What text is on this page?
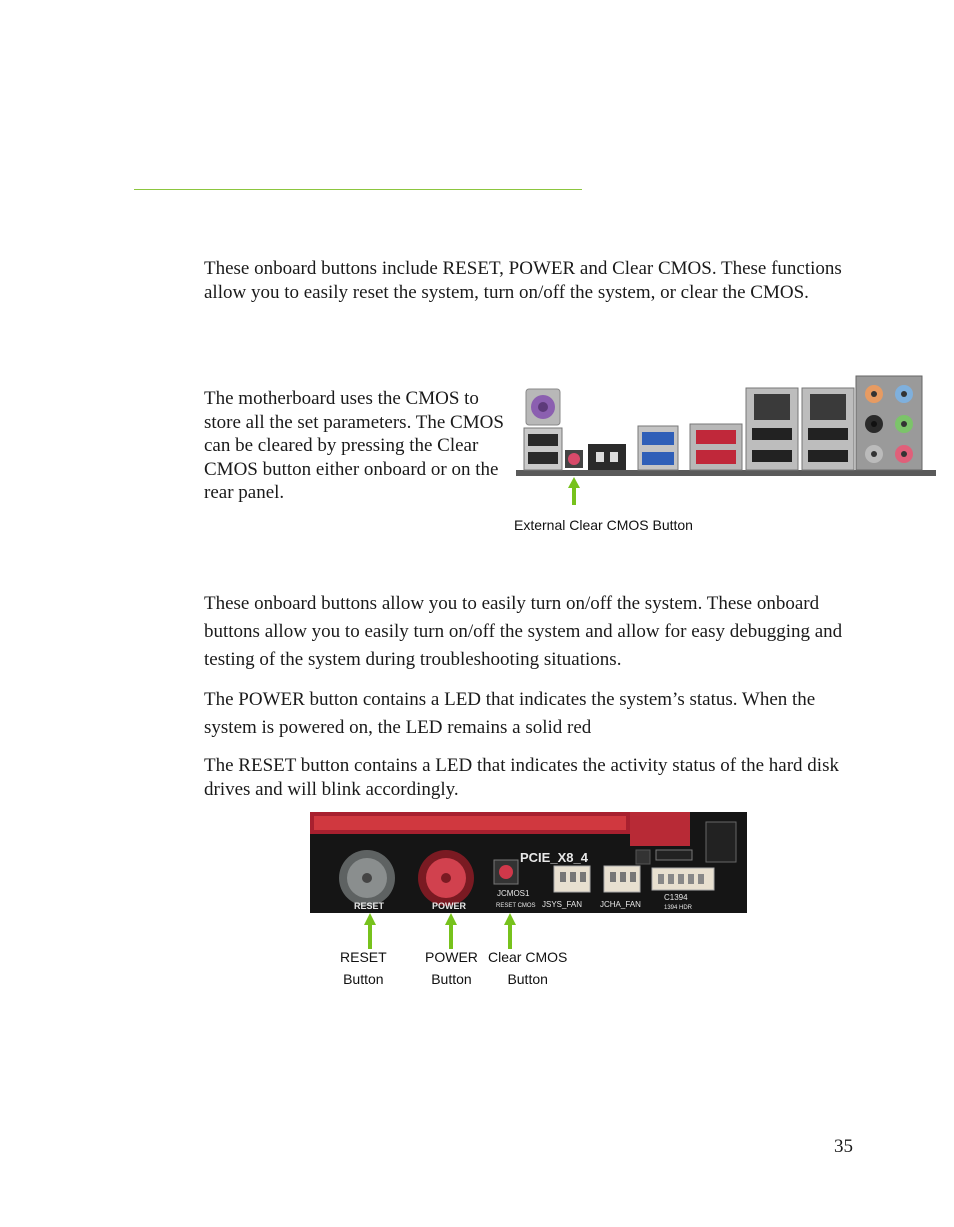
These onboard buttons include RESET, POWER and Clear CMOS. These functions allow you to easily reset the system, turn on/off the system, or clear the CMOS.

The motherboard uses the CMOS to store all the set parameters. The CMOS can be cleared by pressing the Clear CMOS button either onboard or on the rear panel.

External Clear CMOS Button

These onboard buttons allow you to easily turn on/off the system. These onboard buttons allow you to easily turn on/off the system and allow for easy debugging and testing of the system during troubleshooting situations.

The POWER button contains a LED that indicates the system’s status. When the system is powered on, the LED remains a solid red

The RESET button contains a LED that indicates the activity status of the hard disk drives and will blink accordingly.

PCIE_X8_4
RESET	POWER
JCMOS1
RESET CMOS JSYS_FAN JCHA_FAN
C1394
1394 HDR
RESET
Button
POWER
Button
Clear CMOS
Button
35
